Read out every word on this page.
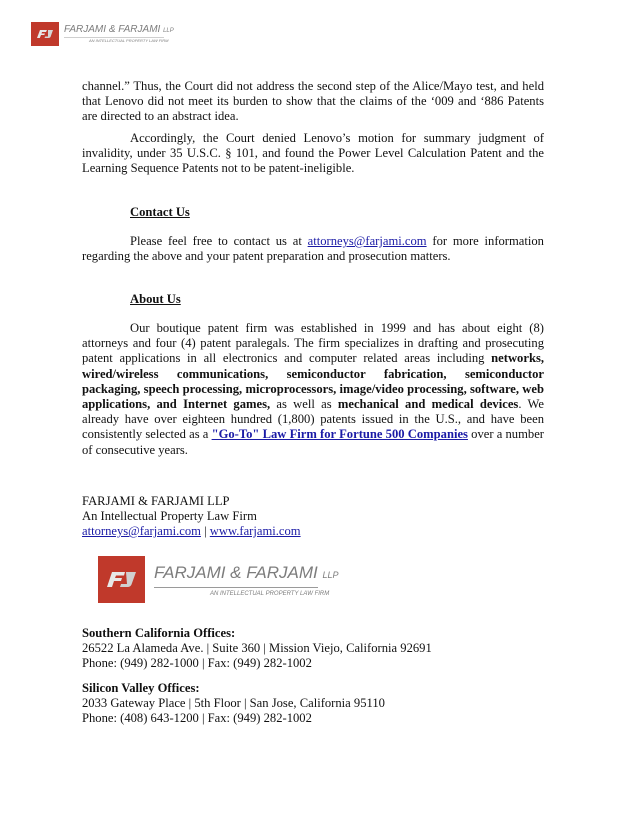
FARJAMI & FARJAMI LLP
AN INTELLECTUAL PROPERTY LAW FIRM

channel.” Thus, the Court did not address the second step of the Alice/Mayo test, and held that Lenovo did not meet its burden to show that the claims of the ‘009 and ‘886 Patents are directed to an abstract idea.

Accordingly, the Court denied Lenovo’s motion for summary judgment of invalidity, under 35 U.S.C. § 101, and found the Power Level Calculation Patent and the Learning Sequence Patents not to be patent-ineligible.

Contact Us

Please feel free to contact us at attorneys@farjami.com for more information regarding the above and your patent preparation and prosecution matters.

About Us

Our boutique patent firm was established in 1999 and has about eight (8) attorneys and four (4) patent paralegals. The firm specializes in drafting and prosecuting patent applications in all electronics and computer related areas including networks, wired/wireless communications, semiconductor fabrication, semiconductor packaging, speech processing, microprocessors, image/video processing, software, web applications, and Internet games, as well as mechanical and medical devices. We already have over eighteen hundred (1,800) patents issued in the U.S., and have been consistently selected as a "Go-To" Law Firm for Fortune 500 Companies over a number of consecutive years.

FARJAMI & FARJAMI LLP
An Intellectual Property Law Firm
attorneys@farjami.com | www.farjami.com
FARJAMI & FARJAMI LLP
AN INTELLECTUAL PROPERTY LAW FIRM
Southern California Offices:
26522 La Alameda Ave. | Suite 360 | Mission Viejo, California 92691
Phone: (949) 282-1000 | Fax: (949) 282-1002
Silicon Valley Offices:
2033 Gateway Place | 5th Floor | San Jose, California 95110
Phone: (408) 643-1200 | Fax: (949) 282-1002
